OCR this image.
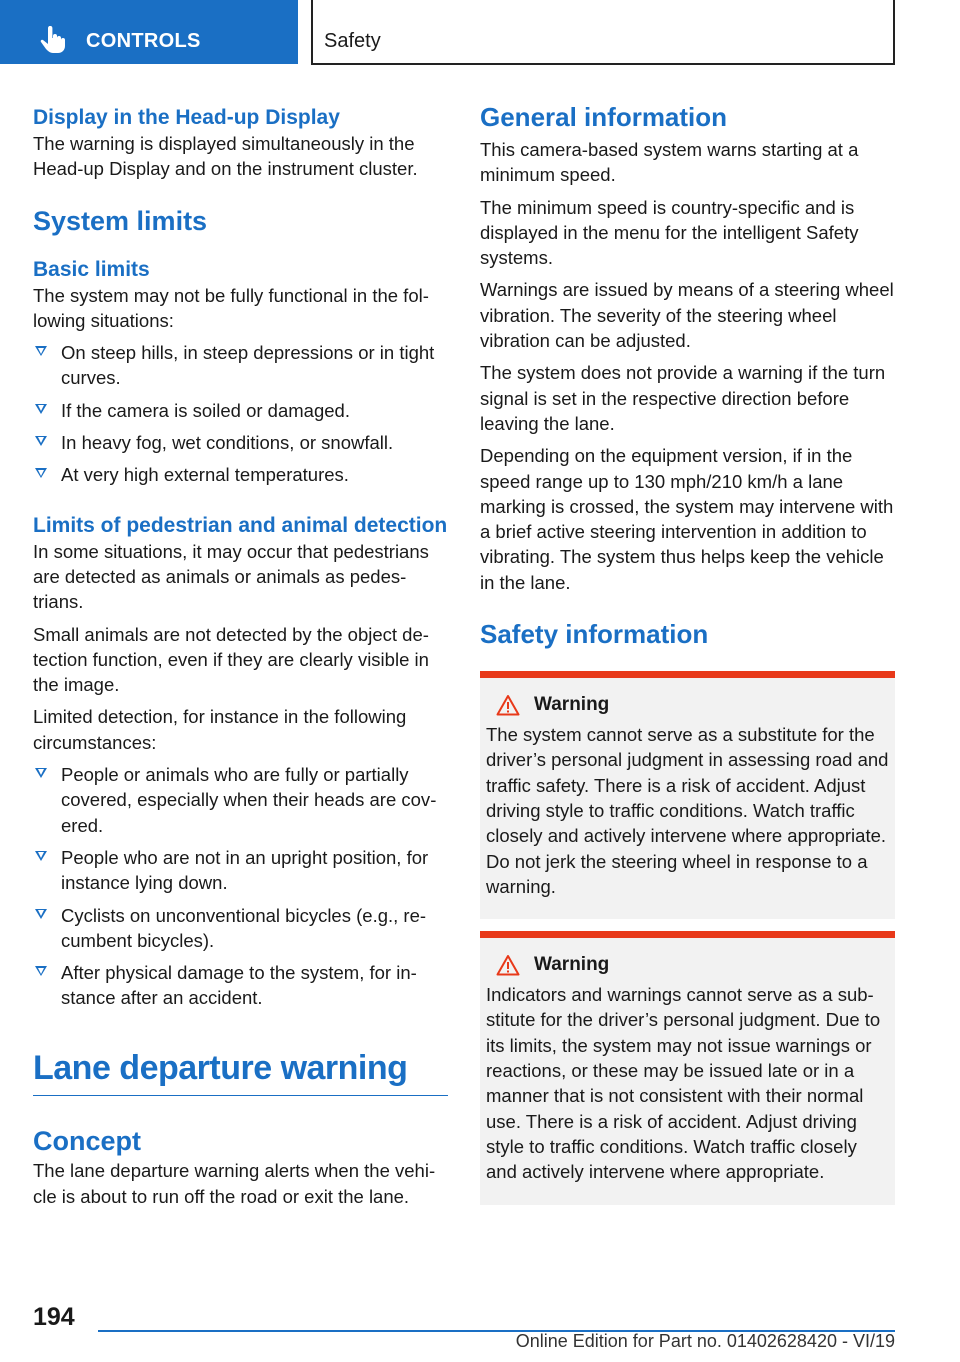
CONTROLS	Safety
Display in the Head-up Display

The warning is displayed simultaneously in the Head-up Display and on the instrument cluster.

System limits
Basic limits

The system may not be fully functional in the following situations:

On steep hills, in steep depressions or in tight curves.
If the camera is soiled or damaged.
In heavy fog, wet conditions, or snowfall.
At very high external temperatures.
Limits of pedestrian and animal detection

In some situations, it may occur that pedestrians are detected as animals or animals as pedestrians.

Small animals are not detected by the object detection function, even if they are clearly visible in the image.

Limited detection, for instance in the following circumstances:

People or animals who are fully or partially covered, especially when their heads are covered.
People who are not in an upright position, for instance lying down.
Cyclists on unconventional bicycles (e.g., recumbent bicycles).
After physical damage to the system, for instance after an accident.
Lane departure warning
Concept

The lane departure warning alerts when the vehicle is about to run off the road or exit the lane.

General information

This camera-based system warns starting at a minimum speed.

The minimum speed is country-specific and is displayed in the menu for the intelligent Safety systems.

Warnings are issued by means of a steering wheel vibration. The severity of the steering wheel vibration can be adjusted.

The system does not provide a warning if the turn signal is set in the respective direction before leaving the lane.

Depending on the equipment version, if in the speed range up to 130 mph/210 km/h a lane marking is crossed, the system may intervene with a brief active steering intervention in addition to vibrating. The system thus helps keep the vehicle in the lane.

Safety information
Warning

The system cannot serve as a substitute for the driver’s personal judgment in assessing road and traffic safety. There is a risk of accident. Adjust driving style to traffic conditions. Watch traffic closely and actively intervene where appropriate. Do not jerk the steering wheel in response to a warning.

Warning

Indicators and warnings cannot serve as a substitute for the driver’s personal judgment. Due to its limits, the system may not issue warnings or reactions, or these may be issued late or in a manner that is not consistent with their normal use. There is a risk of accident. Adjust driving style to traffic conditions. Watch traffic closely and actively intervene where appropriate.

194
Online Edition for Part no. 01402628420 - VI/19
